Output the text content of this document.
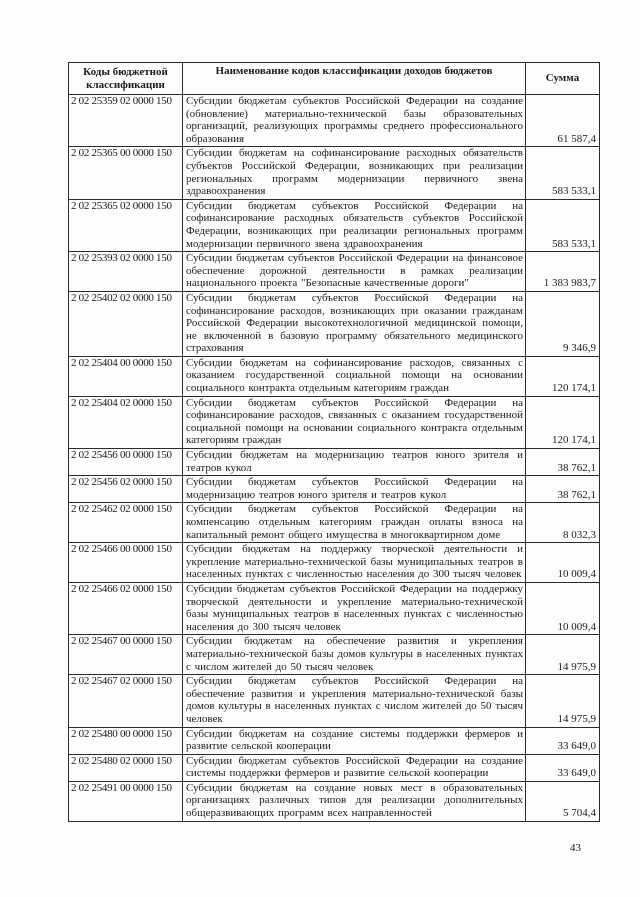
Коды бюджетной классификации	Наименование кодов классификации доходов бюджетов	Сумма
2 02 25359 02 0000 150	Субсидии бюджетам субъектов Российской Федерации на создание (обновление) материально-технической базы образовательных организаций, реализующих программы среднего профессионального образования	61 587,4
2 02 25365 00 0000 150	Субсидии бюджетам на софинансирование расходных обязательств субъектов Российской Федерации, возникающих при реализации региональных программ модернизации первичного звена здравоохранения	583 533,1
2 02 25365 02 0000 150	Субсидии бюджетам субъектов Российской Федерации на софинансирование расходных обязательств субъектов Российской Федерации, возникающих при реализации региональных программ модернизации первичного звена здравоохранения	583 533,1
2 02 25393 02 0000 150	Субсидии бюджетам субъектов Российской Федерации на финансовое обеспечение дорожной деятельности в рамках реализации национального проекта "Безопасные качественные дороги"	1 383 983,7
2 02 25402 02 0000 150	Субсидии бюджетам субъектов Российской Федерации на софинансирование расходов, возникающих при оказании гражданам Российской Федерации высокотехнологичной медицинской помощи, не включенной в базовую программу обязательного медицинского страхования	9 346,9
2 02 25404 00 0000 150	Субсидии бюджетам на софинансирование расходов, связанных с оказанием государственной социальной помощи на основании социального контракта отдельным категориям граждан	120 174,1
2 02 25404 02 0000 150	Субсидии бюджетам субъектов Российской Федерации на софинансирование расходов, связанных с оказанием государственной социальной помощи на основании социального контракта отдельным категориям граждан	120 174,1
2 02 25456 00 0000 150	Субсидии бюджетам на модернизацию театров юного зрителя и театров кукол	38 762,1
2 02 25456 02 0000 150	Субсидии бюджетам субъектов Российской Федерации на модернизацию театров юного зрителя и театров кукол	38 762,1
2 02 25462 02 0000 150	Субсидии бюджетам субъектов Российской Федерации на компенсацию отдельным категориям граждан оплаты взноса на капитальный ремонт общего имущества в многоквартирном доме	8 032,3
2 02 25466 00 0000 150	Субсидии бюджетам на поддержку творческой деятельности и укрепление материально-технической базы муниципальных театров в населенных пунктах с численностью населения до 300 тысяч человек	10 009,4
2 02 25466 02 0000 150	Субсидии бюджетам субъектов Российской Федерации на поддержку творческой деятельности и укрепление материально-технической базы муниципальных театров в населенных пунктах с численностью населения до 300 тысяч человек	10 009,4
2 02 25467 00 0000 150	Субсидии бюджетам на обеспечение развития и укрепления материально-технической базы домов культуры в населенных пунктах с числом жителей до 50 тысяч человек	14 975,9
2 02 25467 02 0000 150	Субсидии бюджетам субъектов Российской Федерации на обеспечение развития и укрепления материально-технической базы домов культуры в населенных пунктах с числом жителей до 50 тысяч человек	14 975,9
2 02 25480 00 0000 150	Субсидии бюджетам на создание системы поддержки фермеров и развитие сельской кооперации	33 649,0
2 02 25480 02 0000 150	Субсидии бюджетам субъектов Российской Федерации на создание системы поддержки фермеров и развитие сельской кооперации	33 649,0
2 02 25491 00 0000 150	Субсидии бюджетам на создание новых мест в образовательных организациях различных типов для реализации дополнительных общеразвивающих программ всех направленностей	5 704,4
43
